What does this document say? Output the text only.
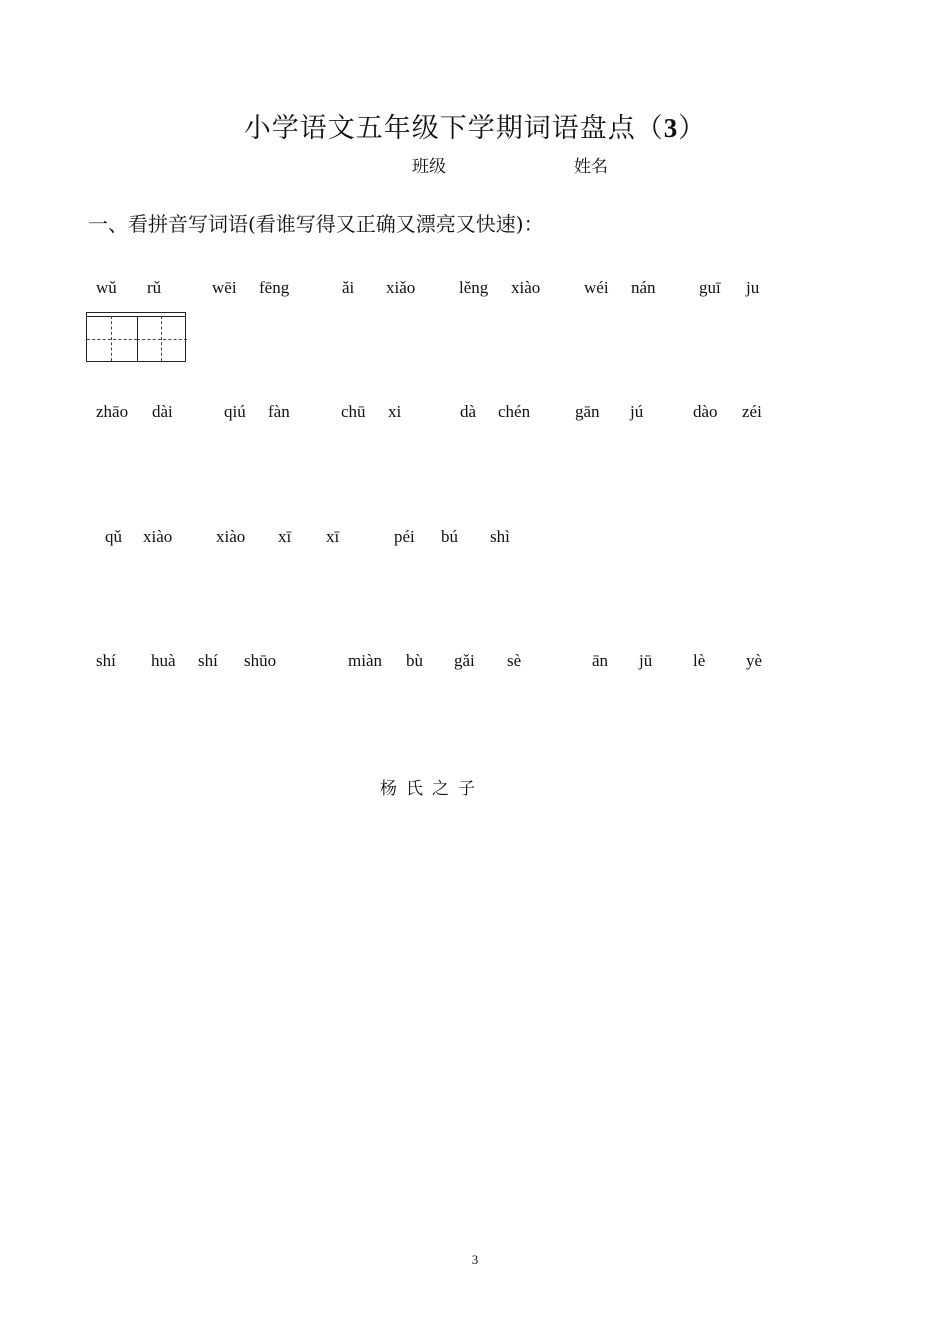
小学语文五年级下学期词语盘点（3）
班级	姓名
一、看拼音写词语(看谁写得又正确又漂亮又快速)：
wǔ rǔ	wēi fēng	ǎi xiǎo	lěng xiào	wéi nán	guī ju
zhāo dài	qiú fàn	chū xi	dà chén	gān jú	dào zéi
qǔ xiào	xiào xī xī	péi bú shì
shí huà shí shūo	miàn bù gǎi sè	ān jū lè yè
杨氏之子
3
